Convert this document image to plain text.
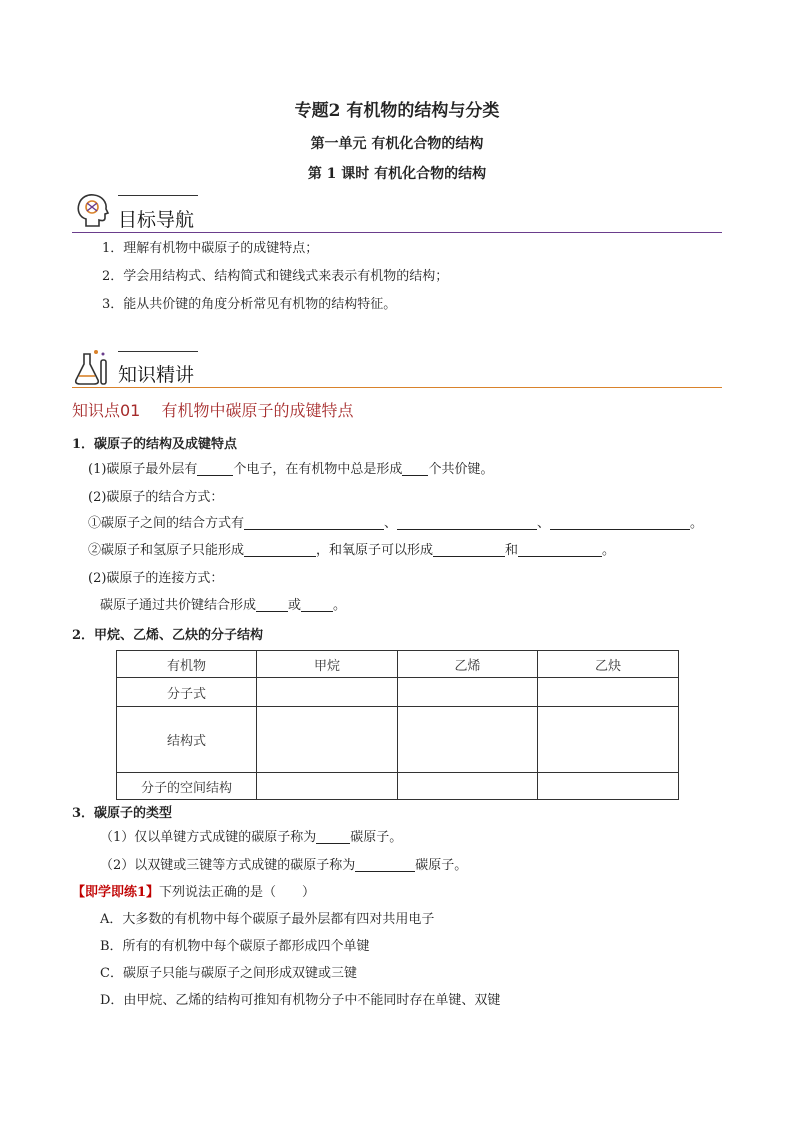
专题2 有机物的结构与分类
第一单元 有机化合物的结构
第 1 课时 有机化合物的结构
目标导航
1．理解有机物中碳原子的成键特点；
2．学会用结构式、结构简式和键线式来表示有机物的结构；
3．能从共价键的角度分析常见有机物的结构特征。
知识精讲
知识点01　 有机物中碳原子的成键特点
1．碳原子的结构及成键特点
(1)碳原子最外层有	个电子，在有机物中总是形成 个共价键。
(2)碳原子的结合方式：
①碳原子之间的结合方式有	、	、	。
②碳原子和氢原子只能形成	，和氧原子可以形成	和	。
(2)碳原子的连接方式：
碳原子通过共价键结合形成 或 。
2．甲烷、乙烯、乙炔的分子结构
有机物	甲烷	乙烯	乙炔
分子式			
结构式			
分子的空间结构			
3．碳原子的类型
（1）仅以单键方式成键的碳原子称为	碳原子。
（2）以双键或三键等方式成键的碳原子称为	碳原子。
【即学即练1】下列说法正确的是（　　）
A．大多数的有机物中每个碳原子最外层都有四对共用电子
B．所有的有机物中每个碳原子都形成四个单键
C．碳原子只能与碳原子之间形成双键或三键
D．由甲烷、乙烯的结构可推知有机物分子中不能同时存在单键、双键
